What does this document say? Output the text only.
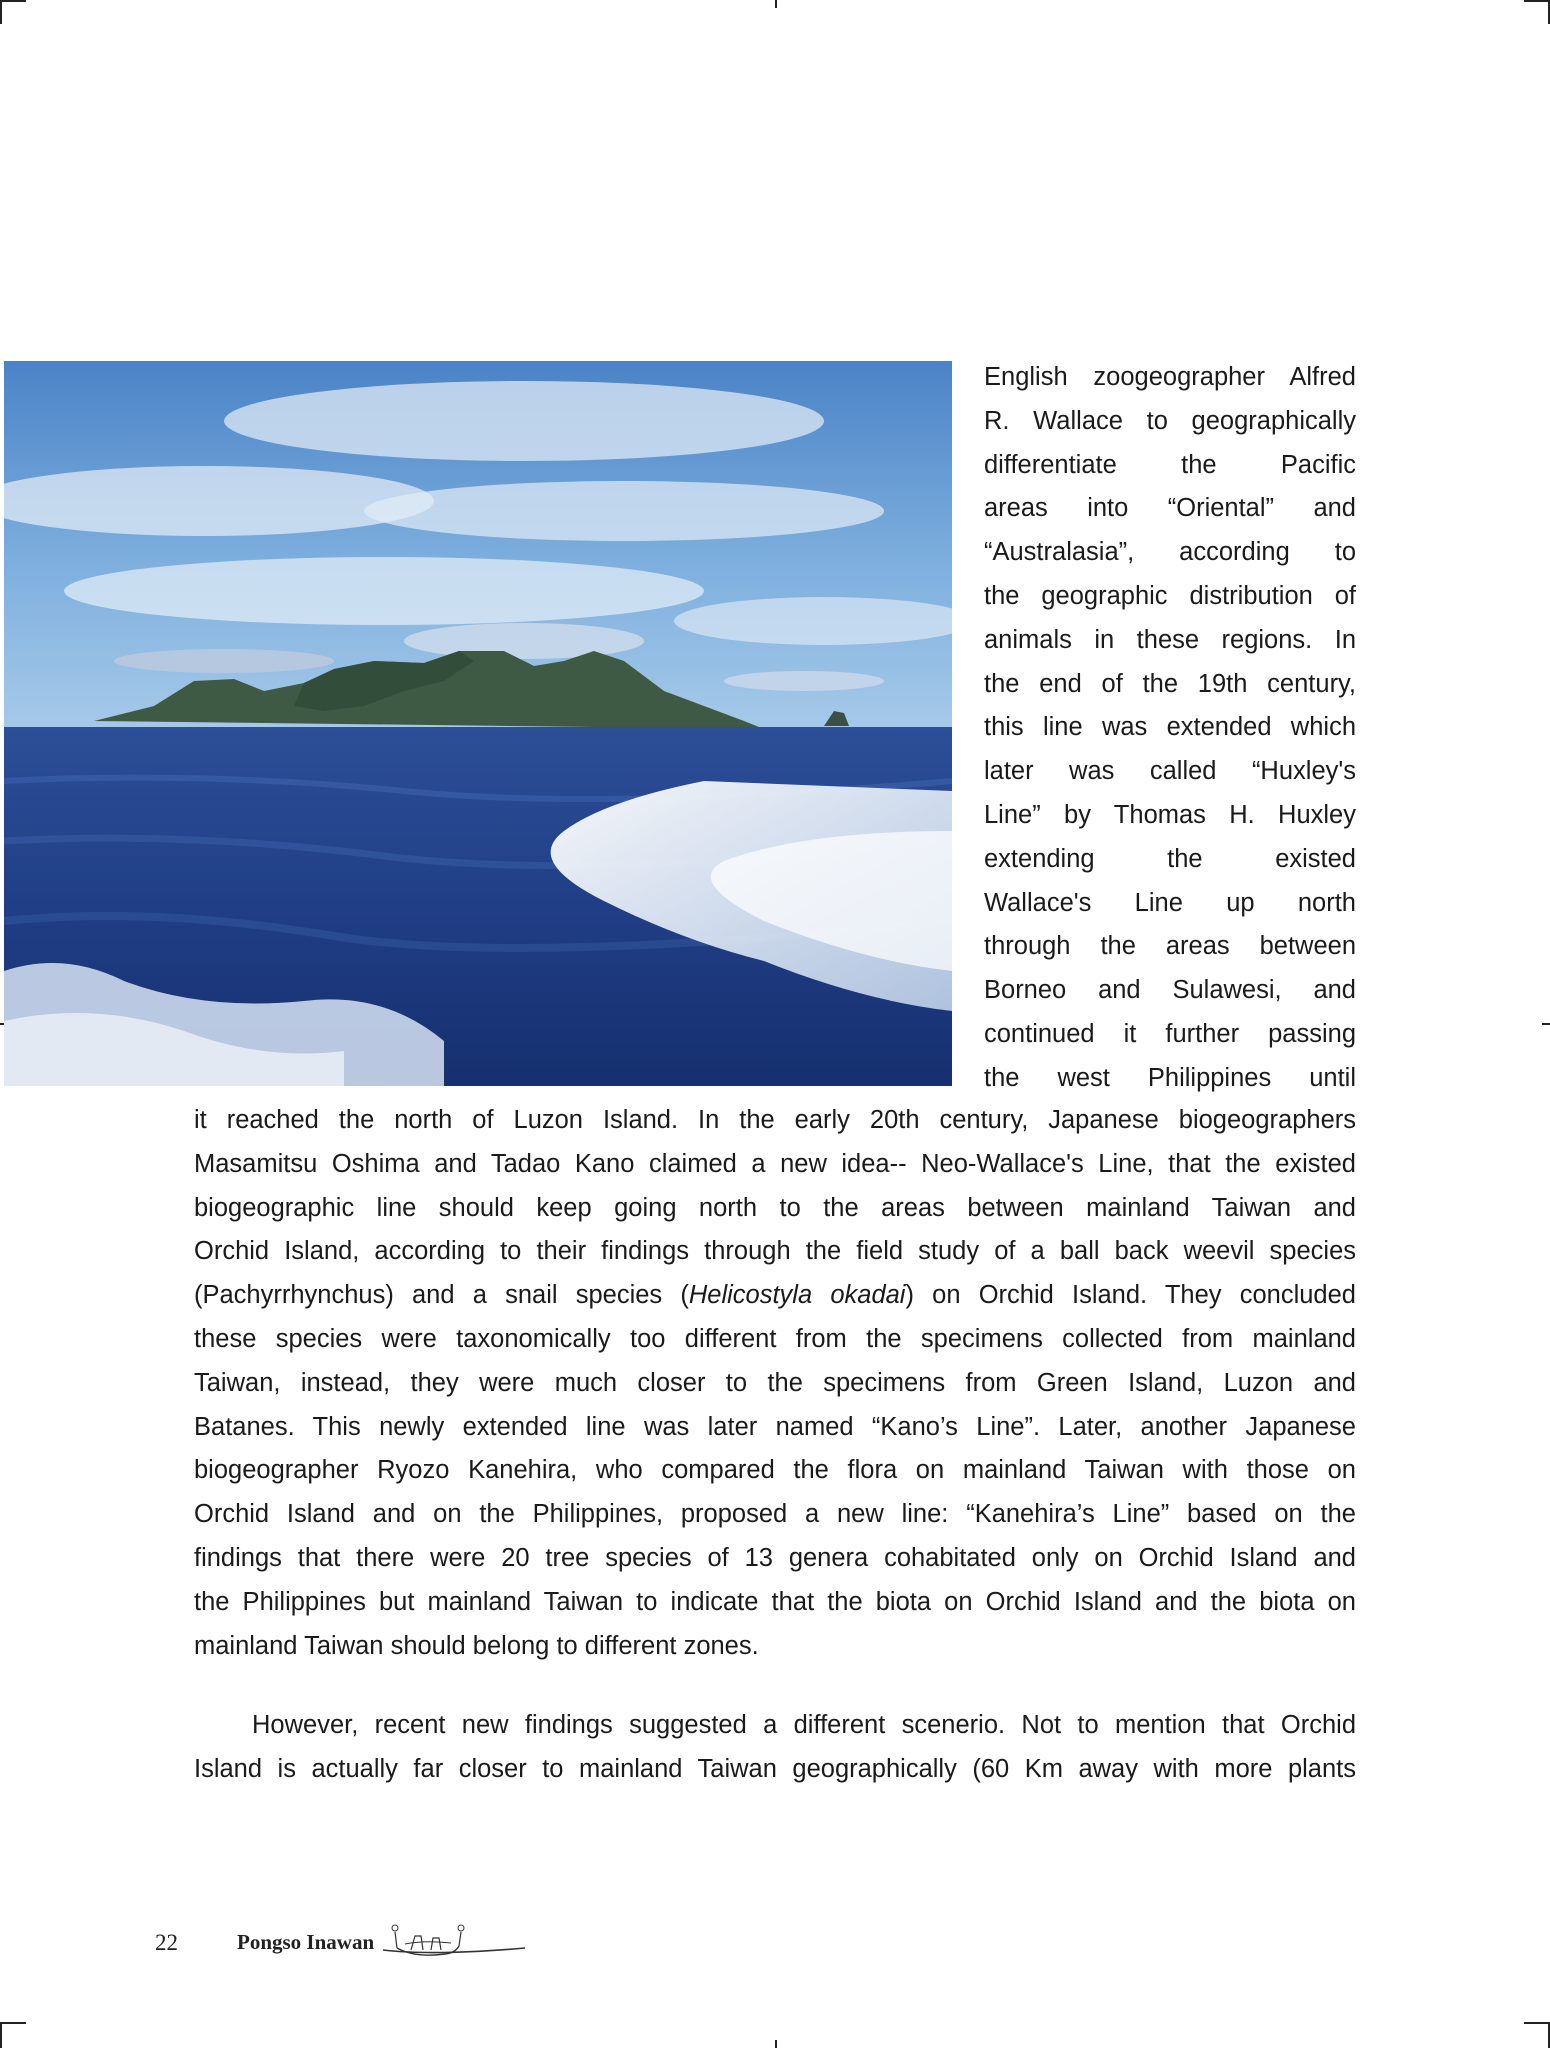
English zoogeographer Alfred
R. Wallace to geographically
differentiate the Pacific
areas into “Oriental” and
“Australasia”, according to
the geographic distribution of
animals in these regions. In
the end of the 19th century,
this line was extended which
later was called “Huxley's
Line” by Thomas H. Huxley
extending the existed
Wallace's Line up north
through the areas between
Borneo and Sulawesi, and
continued it further passing
the west Philippines until
it reached the north of Luzon Island. In the early 20th century, Japanese biogeographers
Masamitsu Oshima and Tadao Kano claimed a new idea-- Neo-Wallace's Line, that the existed
biogeographic line should keep going north to the areas between mainland Taiwan and
Orchid Island, according to their findings through the field study of a ball back weevil species
(Pachyrrhynchus) and a snail species (Helicostyla okadai) on Orchid Island. They concluded
these species were taxonomically too different from the specimens collected from mainland
Taiwan, instead, they were much closer to the specimens from Green Island, Luzon and
Batanes. This newly extended line was later named “Kano’s Line”. Later, another Japanese
biogeographer Ryozo Kanehira, who compared the flora on mainland Taiwan with those on
Orchid Island and on the Philippines, proposed a new line: “Kanehira’s Line” based on the
findings that there were 20 tree species of 13 genera cohabitated only on Orchid Island and
the Philippines but mainland Taiwan to indicate that the biota on Orchid Island and the biota on
mainland Taiwan should belong to different zones.
However, recent new findings suggested a different scenerio. Not to mention that Orchid
Island is actually far closer to mainland Taiwan geographically (60 Km away with more plants
22	Pongso Inawan
